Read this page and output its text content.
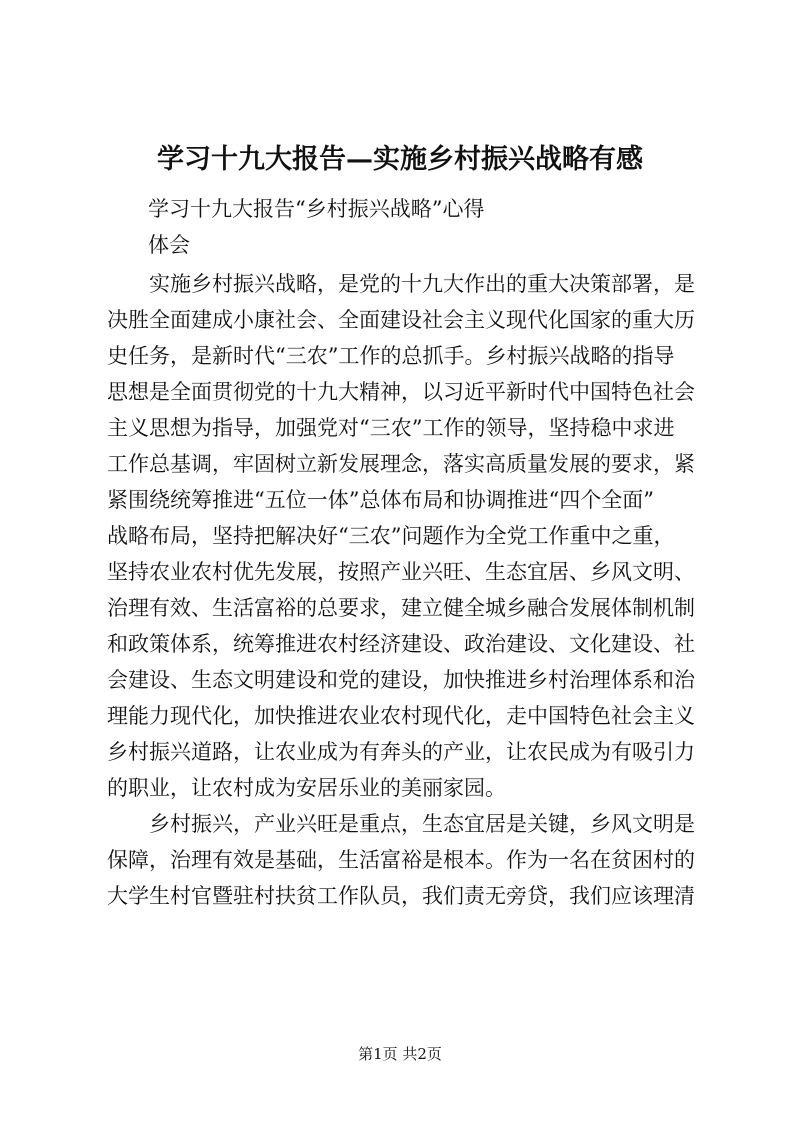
学习十九大报告—实施乡村振兴战略有感
学习十九大报告“乡村振兴战略”心得
体会
实施乡村振兴战略，是党的十九大作出的重大决策部署，是
决胜全面建成小康社会、全面建设社会主义现代化国家的重大历
史任务，是新时代“三农”工作的总抓手。乡村振兴战略的指导
思想是全面贯彻党的十九大精神，以习近平新时代中国特色社会
主义思想为指导，加强党对“三农”工作的领导，坚持稳中求进
工作总基调，牢固树立新发展理念，落实高质量发展的要求，紧
紧围绕统筹推进“五位一体”总体布局和协调推进“四个全面”
战略布局，坚持把解决好“三农”问题作为全党工作重中之重，
坚持农业农村优先发展，按照产业兴旺、生态宜居、乡风文明、
治理有效、生活富裕的总要求，建立健全城乡融合发展体制机制
和政策体系，统筹推进农村经济建设、政治建设、文化建设、社
会建设、生态文明建设和党的建设，加快推进乡村治理体系和治
理能力现代化，加快推进农业农村现代化，走中国特色社会主义
乡村振兴道路，让农业成为有奔头的产业，让农民成为有吸引力
的职业，让农村成为安居乐业的美丽家园。
乡村振兴，产业兴旺是重点，生态宜居是关键，乡风文明是
保障，治理有效是基础，生活富裕是根本。作为一名在贫困村的
大学生村官暨驻村扶贫工作队员，我们责无旁贷，我们应该理清
第1页 共2页
